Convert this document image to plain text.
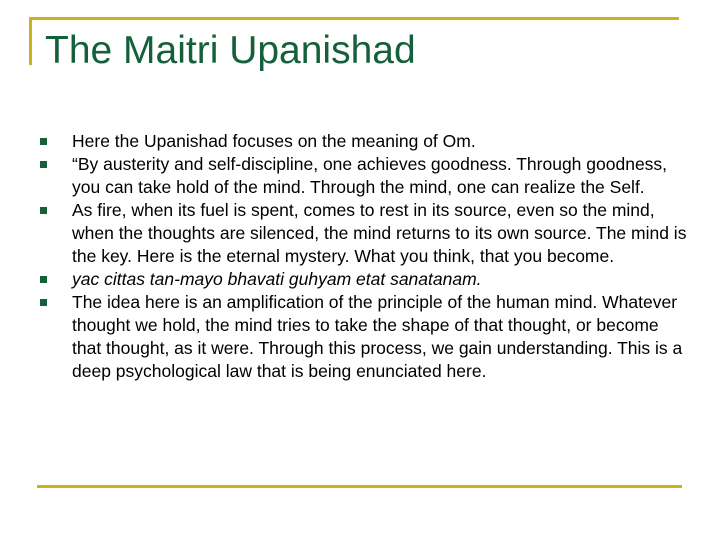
The Maitri Upanishad
Here the Upanishad focuses on the meaning of Om.
“By austerity and self-discipline, one achieves goodness. Through goodness, you can take hold of the mind. Through the mind, one can realize the Self.
As fire, when its fuel is spent, comes to rest in its source, even so the mind, when the thoughts are silenced, the mind returns to its own source. The mind is the key. Here is the eternal mystery. What you think, that you become.
yac cittas tan-mayo bhavati guhyam etat sanatanam.
The idea here is an amplification of the principle of the human mind. Whatever thought we hold, the mind tries to take the shape of that thought, or become that thought, as it were. Through this process, we gain understanding. This is a deep psychological law that is being enunciated here.
